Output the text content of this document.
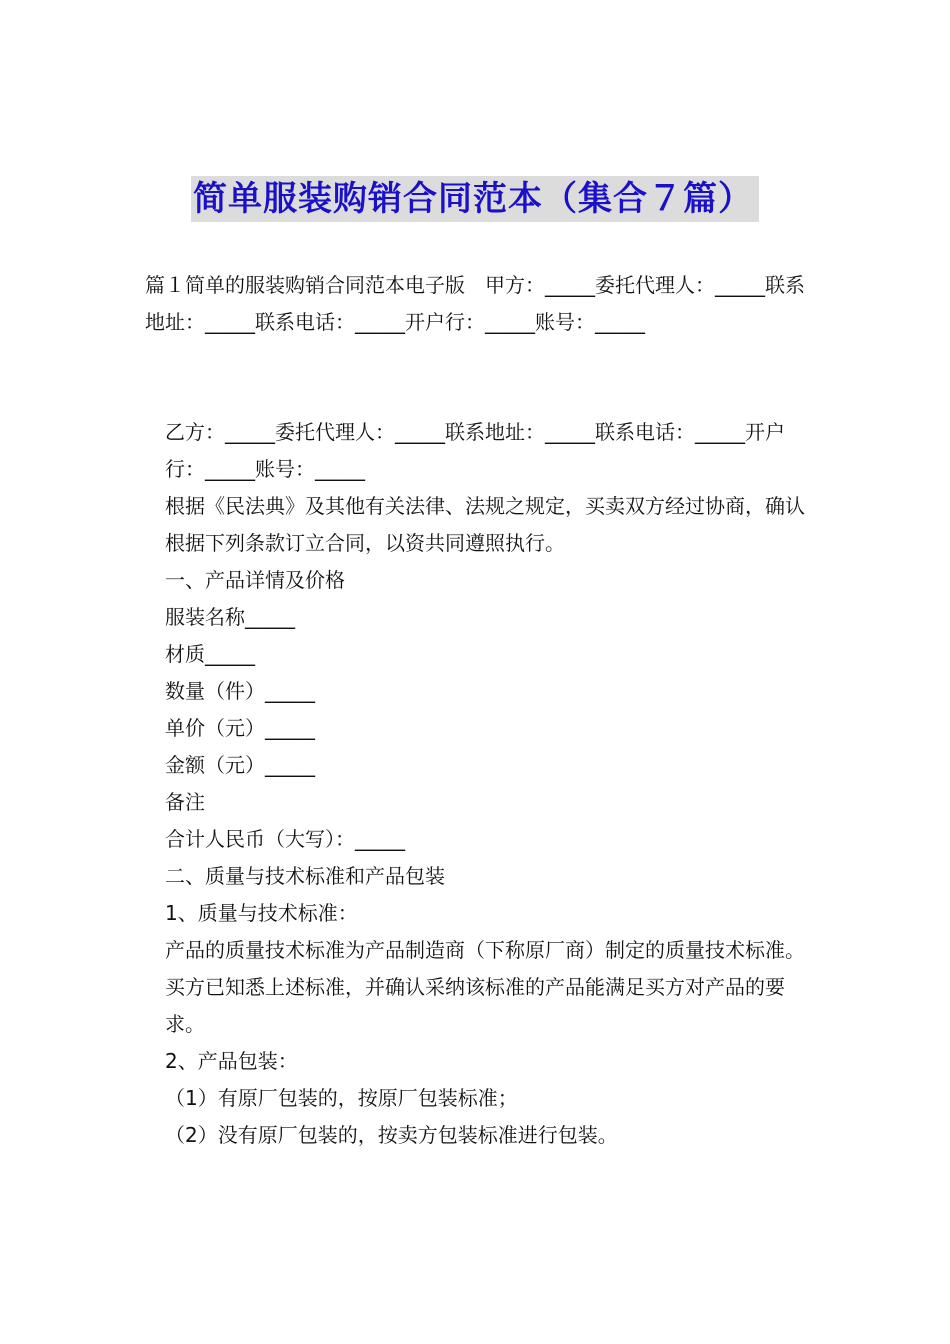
简单服装购销合同范本（集合７篇）

篇１简单的服装购销合同范本电子版　甲方：_____委托代理人：_____联系地址：_____联系电话：_____开户行：_____账号：_____

乙方：_____委托代理人：_____联系地址：_____联系电话：_____开户行：_____账号：_____

根据《民法典》及其他有关法律、法规之规定，买卖双方经过协商，确认根据下列条款订立合同，以资共同遵照执行。

一、产品详情及价格

服装名称_____

材质_____

数量（件）_____

单价（元）_____

金额（元）_____

备注

合计人民币（大写）：_____

二、质量与技术标准和产品包装

1、质量与技术标准：

产品的质量技术标准为产品制造商（下称原厂商）制定的质量技术标准。

买方已知悉上述标准，并确认采纳该标准的产品能满足买方对产品的要求。

2、产品包装：

（1）有原厂包装的，按原厂包装标准；

（2）没有原厂包装的，按卖方包装标准进行包装。
